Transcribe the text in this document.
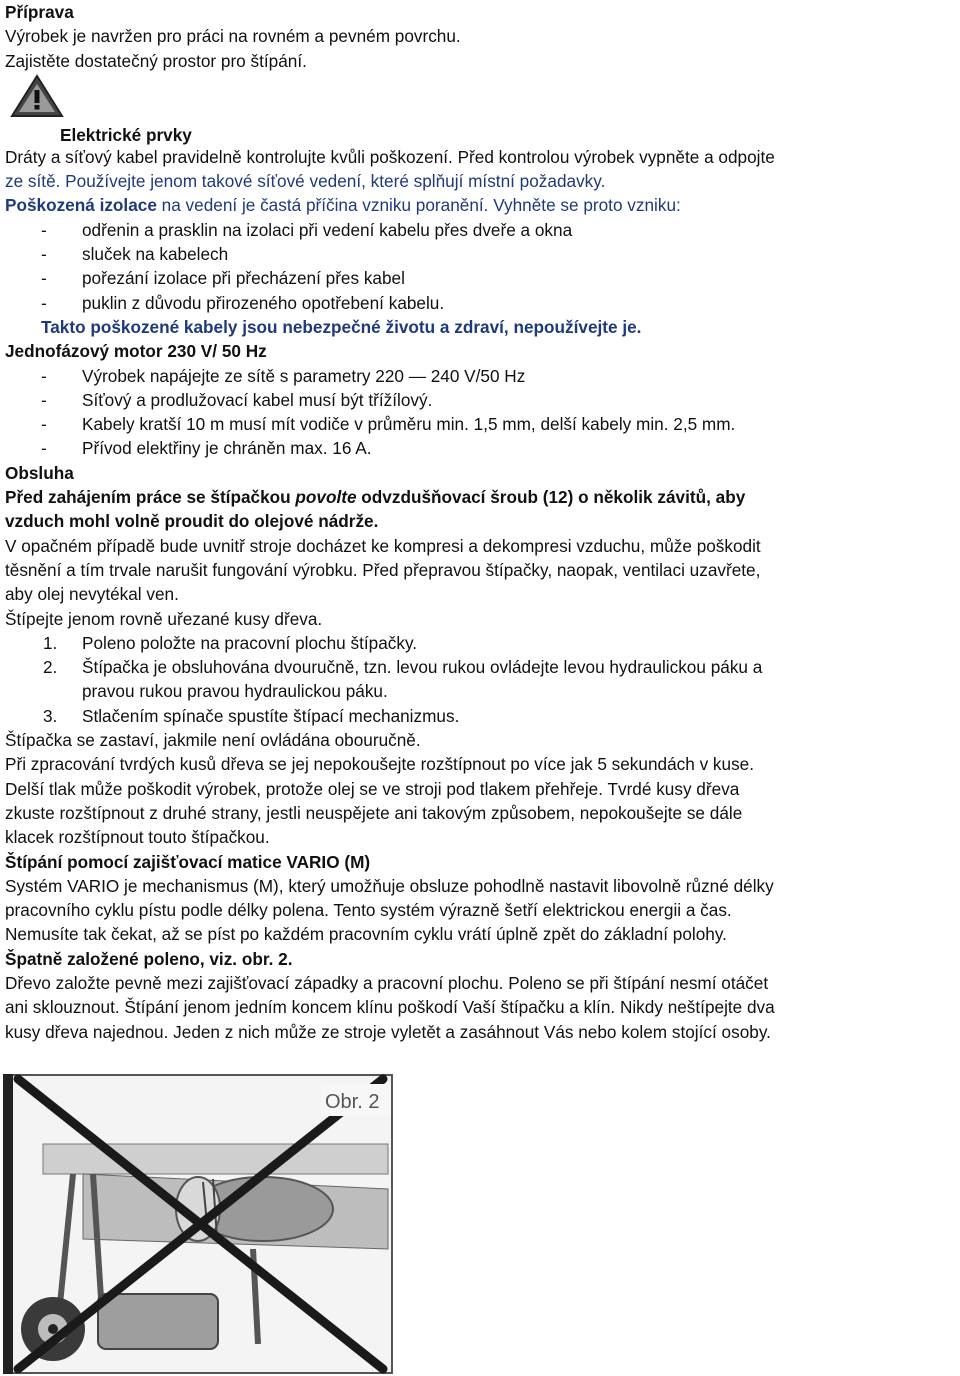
Příprava

Výrobek je navržen pro práci na rovném a pevném povrchu.

Zajistěte dostatečný prostor pro štípání.

Elektrické prvky

Dráty a síťový kabel pravidelně kontrolujte kvůli poškození. Před kontrolou výrobek vypněte a odpojte

ze sítě. Používejte jenom takové síťové vedení, které splňují místní požadavky.

Poškozená izolace na vedení je častá příčina vzniku poranění. Vyhněte se proto vzniku:

- odřenin a prasklin na izolaci při vedení kabelu přes dveře a okna

- sluček na kabelech

- pořezání izolace při přecházení přes kabel

- puklin z důvodu přirozeného opotřebení kabelu.

Takto poškozené kabely jsou nebezpečné životu a zdraví, nepoužívejte je.

Jednofázový motor 230 V/ 50 Hz

- Výrobek napájejte ze sítě s parametry 220 — 240 V/50 Hz

- Síťový a prodlužovací kabel musí být třížílový.

- Kabely kratší 10 m musí mít vodiče v průměru min. 1,5 mm, delší kabely min. 2,5 mm.

- Přívod elektřiny je chráněn max. 16 A.

Obsluha

Před zahájením práce se štípačkou povolte odvzdušňovací šroub (12) o několik závitů, aby

vzduch mohl volně proudit do olejové nádrže.

V opačném případě bude uvnitř stroje docházet ke kompresi a dekompresi vzduchu, může poškodit

těsnění a tím trvale narušit fungování výrobku. Před přepravou štípačky, naopak, ventilaci uzavřete,

aby olej nevytékal ven.

Štípejte jenom rovně uřezané kusy dřeva.

1. Poleno položte na pracovní plochu štípačky.

2. Štípačka je obsluhována dvouručně, tzn. levou rukou ovládejte levou hydraulickou páku a

pravou rukou pravou hydraulickou páku.

3. Stlačením spínače spustíte štípací mechanizmus.

Štípačka se zastaví, jakmile není ovládána obouručně.

Při zpracování tvrdých kusů dřeva se jej nepokoušejte rozštípnout po více jak 5 sekundách v kuse.

Delší tlak může poškodit výrobek, protože olej se ve stroji pod tlakem přehřeje. Tvrdé kusy dřeva

zkuste rozštípnout z druhé strany, jestli neuspějete ani takovým způsobem, nepokoušejte se dále

klacek rozštípnout touto štípačkou.

Štípání pomocí zajišťovací matice VARIO (M)

Systém VARIO je mechanismus (M), který umožňuje obsluze pohodlně nastavit libovolně různé délky

pracovního cyklu pístu podle délky polena. Tento systém výrazně šetří elektrickou energii a čas.

Nemusíte tak čekat, až se píst po každém pracovním cyklu vrátí úplně zpět do základní polohy.

Špatně založené poleno, viz. obr. 2.

Dřevo založte pevně mezi zajišťovací západky a pracovní plochu. Poleno se při štípání nesmí otáčet

ani sklouznout. Štípání jenom jedním koncem klínu poškodí Vaší štípačku a klín. Nikdy neštípejte dva

kusy dřeva najednou. Jeden z nich může ze stroje vyletět a zasáhnout Vás nebo kolem stojící osoby.

Obr. 2
